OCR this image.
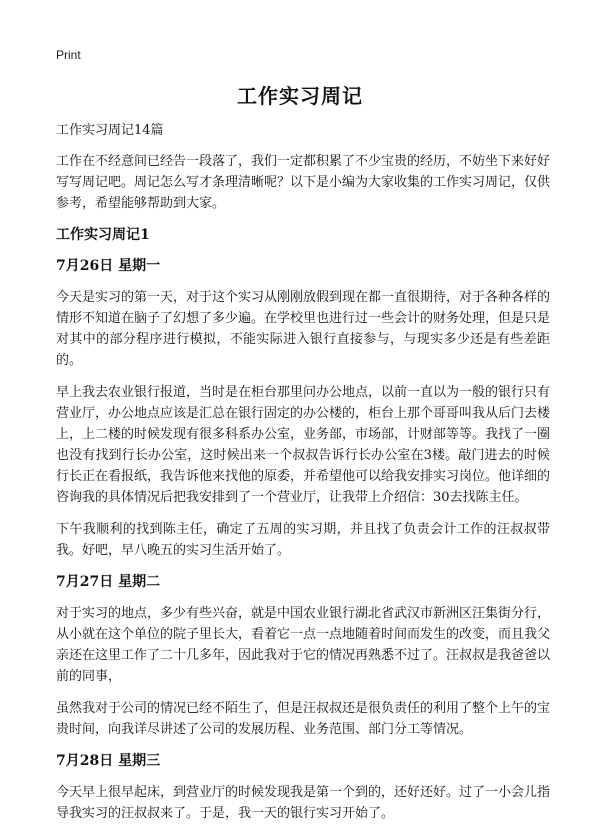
Print
工作实习周记

工作实习周记14篇

工作在不经意间已经告一段落了，我们一定都积累了不少宝贵的经历，不妨坐下来好好写写周记吧。周记怎么写才条理清晰呢？以下是小编为大家收集的工作实习周记，仅供参考，希望能够帮助到大家。

工作实习周记1

7月26日 星期一

今天是实习的第一天，对于这个实习从刚刚放假到现在都一直很期待，对于各种各样的情形不知道在脑子了幻想了多少遍。在学校里也进行过一些会计的财务处理，但是只是对其中的部分程序进行模拟，不能实际进入银行直接参与，与现实多少还是有些差距的。

早上我去农业银行报道，当时是在柜台那里问办公地点，以前一直以为一般的银行只有营业厅，办公地点应该是汇总在银行固定的办公楼的，柜台上那个哥哥叫我从后门去楼上，上二楼的时候发现有很多科系办公室，业务部，市场部，计财部等等。我找了一圈也没有找到行长办公室，这时候出来一个叔叔告诉行长办公室在3楼。敲门进去的时候行长正在看报纸，我告诉他来找他的原委，并希望他可以给我安排实习岗位。他详细的咨询我的具体情况后把我安排到了一个营业厅，让我带上介绍信：30去找陈主任。

下午我顺利的找到陈主任，确定了五周的实习期，并且找了负责会计工作的汪叔叔带我。好吧，早八晚五的实习生活开始了。

7月27日 星期二

对于实习的地点，多少有些兴奋，就是中国农业银行湖北省武汉市新洲区汪集街分行，从小就在这个单位的院子里长大，看着它一点一点地随着时间而发生的改变，而且我父亲还在这里工作了二十几多年，因此我对于它的情况再熟悉不过了。汪叔叔是我爸爸以前的同事，

虽然我对于公司的情况已经不陌生了，但是汪叔叔还是很负责任的利用了整个上午的宝贵时间，向我详尽讲述了公司的发展历程、业务范围、部门分工等情况。

7月28日 星期三

今天早上很早起床，到营业厅的时候发现我是第一个到的，还好还好。过了一小会儿指导我实习的汪叔叔来了。于是，我一天的银行实习开始了。
